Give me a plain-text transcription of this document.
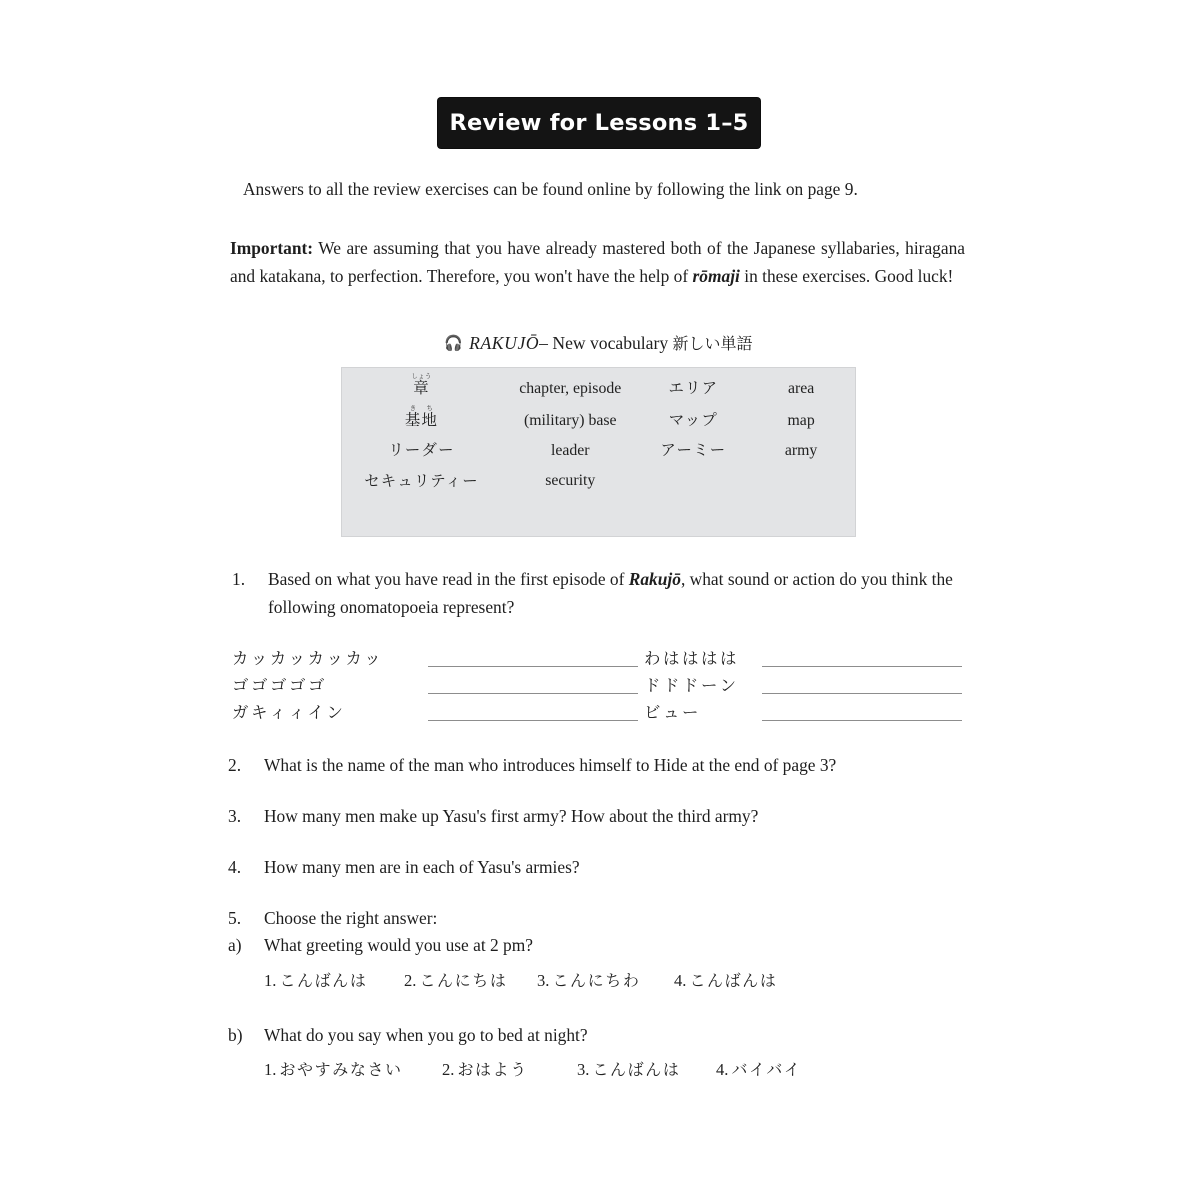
Review for Lessons 1–5
Answers to all the review exercises can be found online by following the link on page 9.
Important: We are assuming that you have already mastered both of the Japanese syllabaries, hiragana and katakana, to perfection. Therefore, you won't have the help of rōmaji in these exercises. Good luck!
🎧 RAKUJŌ– New vocabulary 新しい単語
章しょう	chapter, episode	エリア	area
基地きち	(military) base	マップ	map
リーダー	leader	アーミー	army
セキュリティー	security		
1.	Based on what you have read in the first episode of Rakujō, what sound or action do you think the following onomatopoeia represent?
カッカッカッカッ	わはははは
ゴゴゴゴゴ	ドドドーン
ガキィィイン	ビュー
2.	What is the name of the man who introduces himself to Hide at the end of page 3?
3.	How many men make up Yasu's first army? How about the third army?
4.	How many men are in each of Yasu's armies?
5.	Choose the right answer:
a)	What greeting would you use at 2 pm?
1. こんばんは	2. こんにちは	3. こんにちわ	4. こんばんは
b)	What do you say when you go to bed at night?
1. おやすみなさい	2. おはよう	3. こんばんは	4. バイバイ
